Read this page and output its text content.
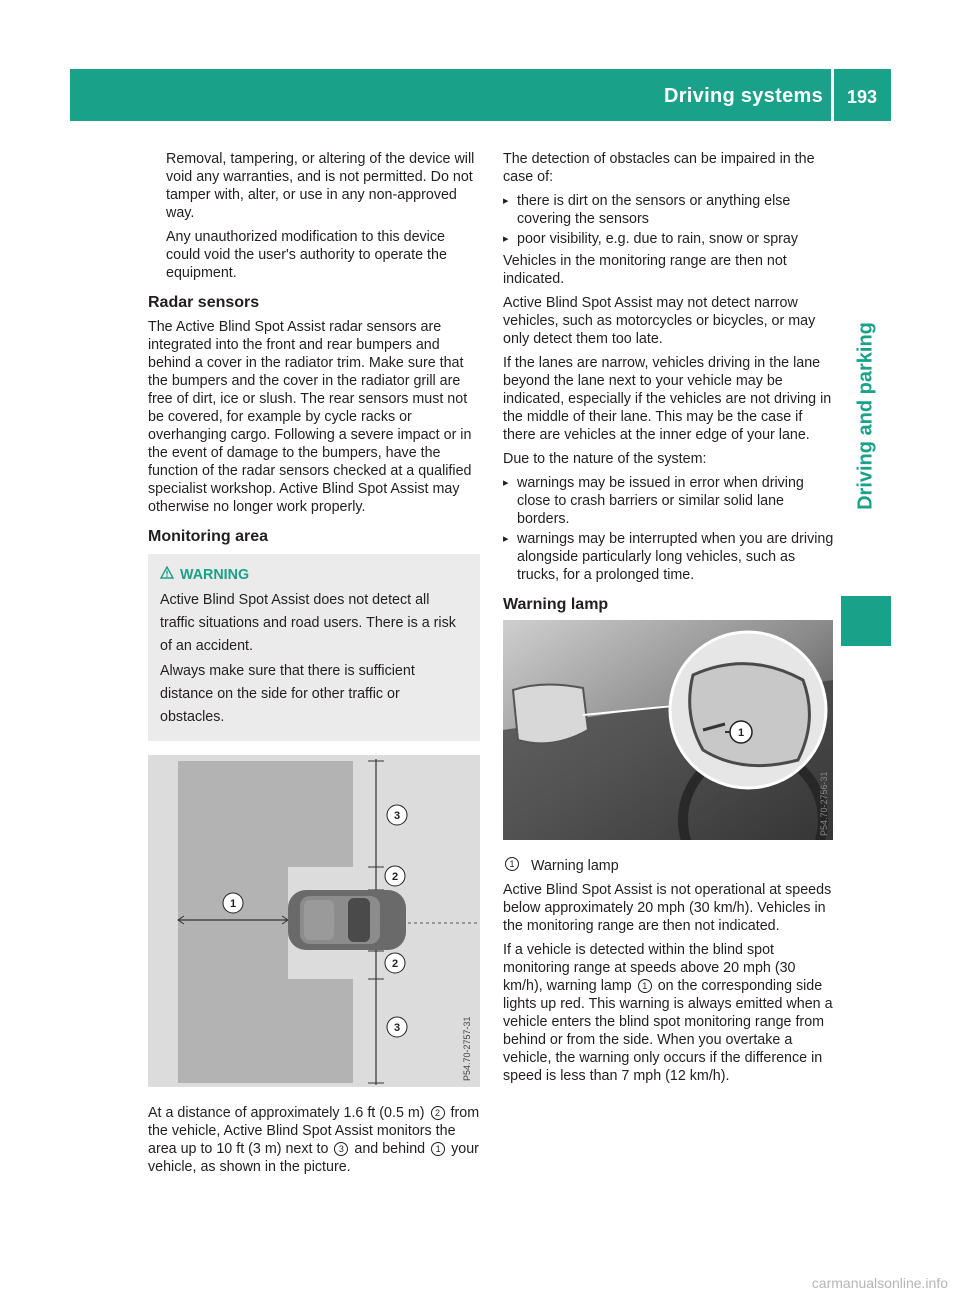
Driving systems	193
Driving and parking

Removal, tampering, or altering of the device will void any warranties, and is not permitted. Do not tamper with, alter, or use in any non-approved way.

Any unauthorized modification to this device could void the user's authority to operate the equipment.

Radar sensors

The Active Blind Spot Assist radar sensors are integrated into the front and rear bumpers and behind a cover in the radiator trim. Make sure that the bumpers and the cover in the radiator grill are free of dirt, ice or slush. The rear sensors must not be covered, for example by cycle racks or overhanging cargo. Following a severe impact or in the event of damage to the bumpers, have the function of the radar sensors checked at a qualified specialist workshop. Active Blind Spot Assist may otherwise no longer work properly.

Monitoring area

WARNING

Active Blind Spot Assist does not detect all traffic situations and road users. There is a risk of an accident.

Always make sure that there is sufficient distance on the side for other traffic or obstacles.

1
2
2
3
3	P54.70-2757-31

At a distance of approximately 1.6 ft (0.5 m) 2 from the vehicle, Active Blind Spot Assist monitors the area up to 10 ft (3 m) next to 3 and behind 1 your vehicle, as shown in the picture.

The detection of obstacles can be impaired in the case of:

▸ there is dirt on the sensors or anything else covering the sensors
▸ poor visibility, e.g. due to rain, snow or spray

Vehicles in the monitoring range are then not indicated.

Active Blind Spot Assist may not detect narrow vehicles, such as motorcycles or bicycles, or may only detect them too late.

If the lanes are narrow, vehicles driving in the lane beyond the lane next to your vehicle may be indicated, especially if the vehicles are not driving in the middle of their lane. This may be the case if there are vehicles at the inner edge of your lane.

Due to the nature of the system:

▸ warnings may be issued in error when driving close to crash barriers or similar solid lane borders.
▸ warnings may be interrupted when you are driving alongside particularly long vehicles, such as trucks, for a prolonged time.
Warning lamp
1
P54.70-2756-31

1	Warning lamp

Active Blind Spot Assist is not operational at speeds below approximately 20 mph (30 km/h). Vehicles in the monitoring range are then not indicated.

If a vehicle is detected within the blind spot monitoring range at speeds above 20 mph (30 km/h), warning lamp 1 on the corresponding side lights up red. This warning is always emitted when a vehicle enters the blind spot monitoring range from behind or from the side. When you overtake a vehicle, the warning only occurs if the difference in speed is less than 7 mph (12 km/h).

carmanualsonline.info
